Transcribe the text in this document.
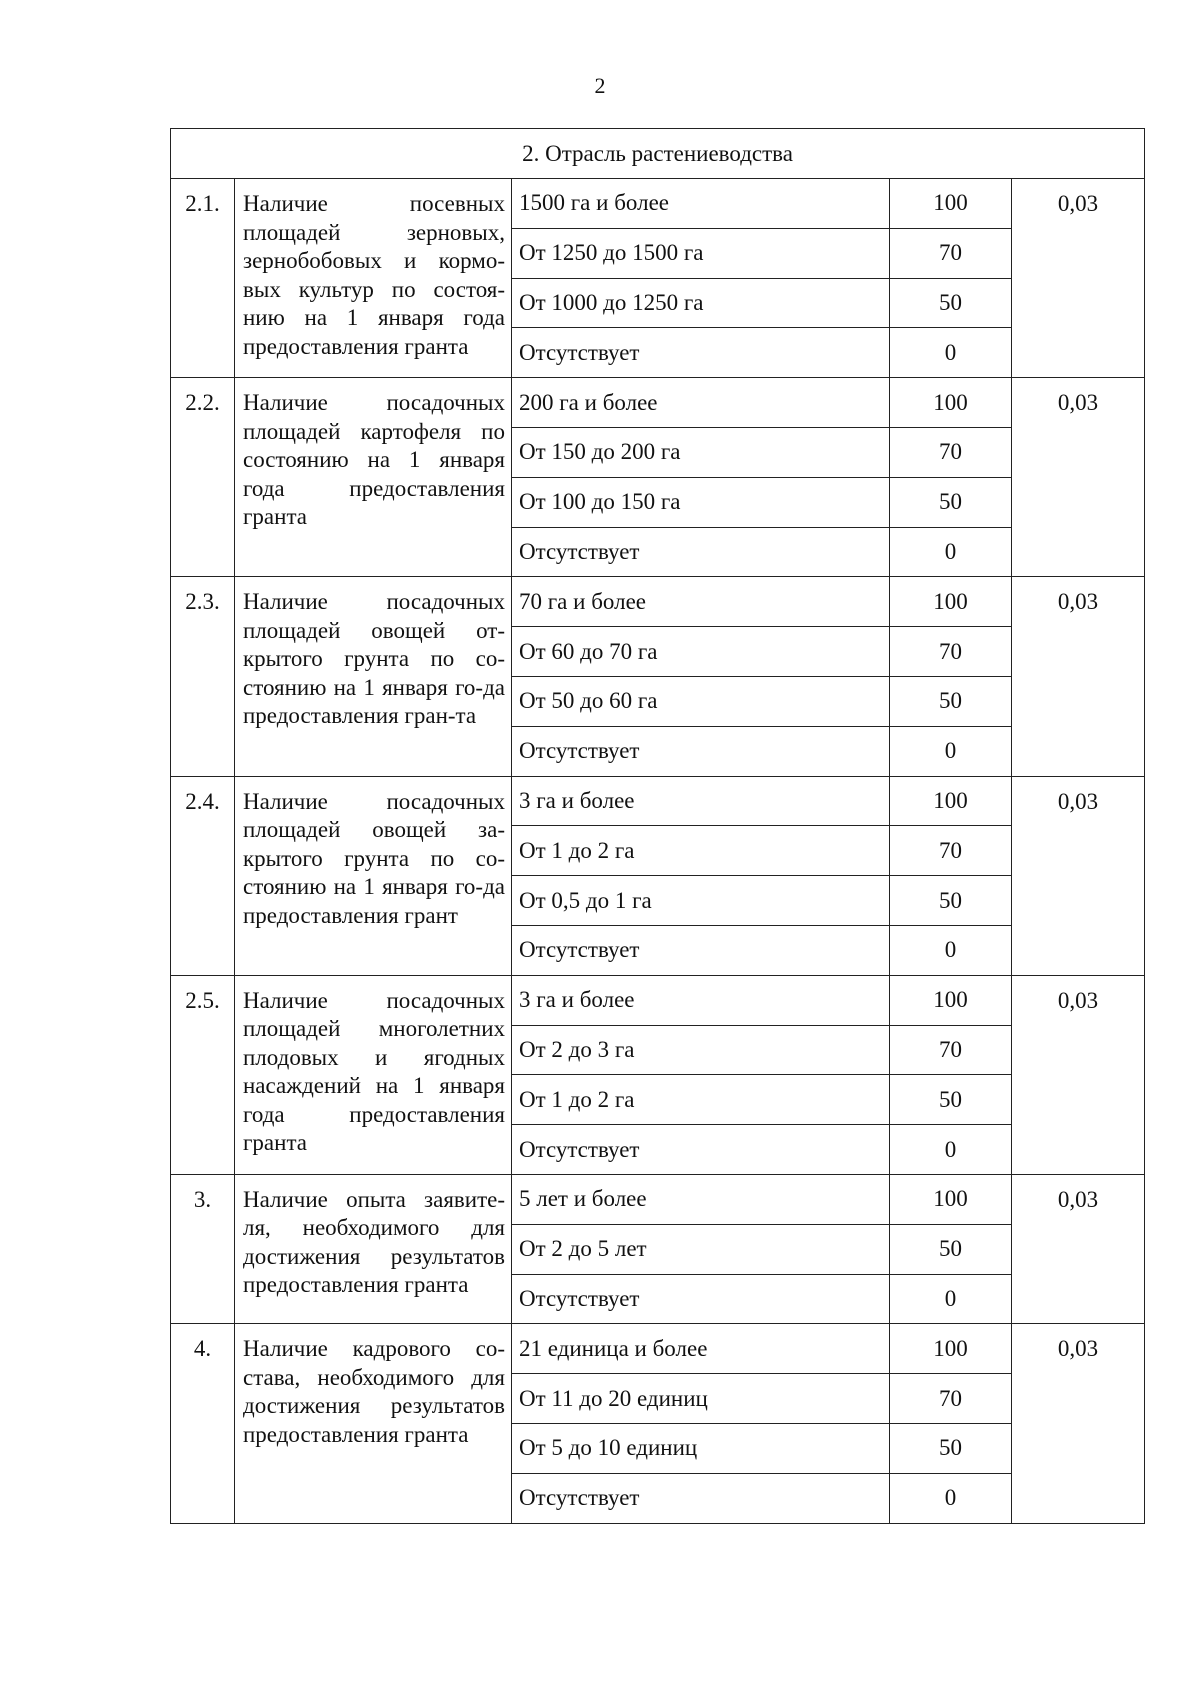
2
2. Отрасль растениеводства				
2.1.	Наличие посевных площадей зерновых, зернобобовых и кормо-вых культур по состоя-нию на 1 января года предоставления гранта	1500 га и более	100	0,03
		От 1250 до 1500 га	70	
		От 1000 до 1250 га	50	
		Отсутствует	0	
2.2.	Наличие посадочных площадей картофеля по состоянию на 1 января года предоставления гранта	200 га и более	100	0,03
		От 150 до 200 га	70	
		От 100 до 150 га	50	
		Отсутствует	0	
2.3.	Наличие посадочных площадей овощей от-крытого грунта по со-стоянию на 1 января го-да предоставления гран-та	70 га и более	100	0,03
		От 60 до 70 га	70	
		От 50 до 60 га	50	
		Отсутствует	0	
2.4.	Наличие посадочных площадей овощей за-крытого грунта по со-стоянию на 1 января го-да предоставления грант	3 га и более	100	0,03
		От 1 до 2 га	70	
		От 0,5 до 1 га	50	
		Отсутствует	0	
2.5.	Наличие посадочных площадей многолетних плодовых и ягодных насаждений на 1 января года предоставления гранта	3 га и более	100	0,03
		От 2 до 3 га	70	
		От 1 до 2 га	50	
		Отсутствует	0	
3.	Наличие опыта заявите-ля, необходимого для достижения результатов предоставления гранта	5 лет и более	100	0,03
		От 2 до 5 лет	50	
		Отсутствует	0	
4.	Наличие кадрового со-става, необходимого для достижения результатов предоставления гранта	21 единица и более	100	0,03
		От 11 до 20 единиц	70	
		От 5 до 10 единиц	50	
		Отсутствует	0	
